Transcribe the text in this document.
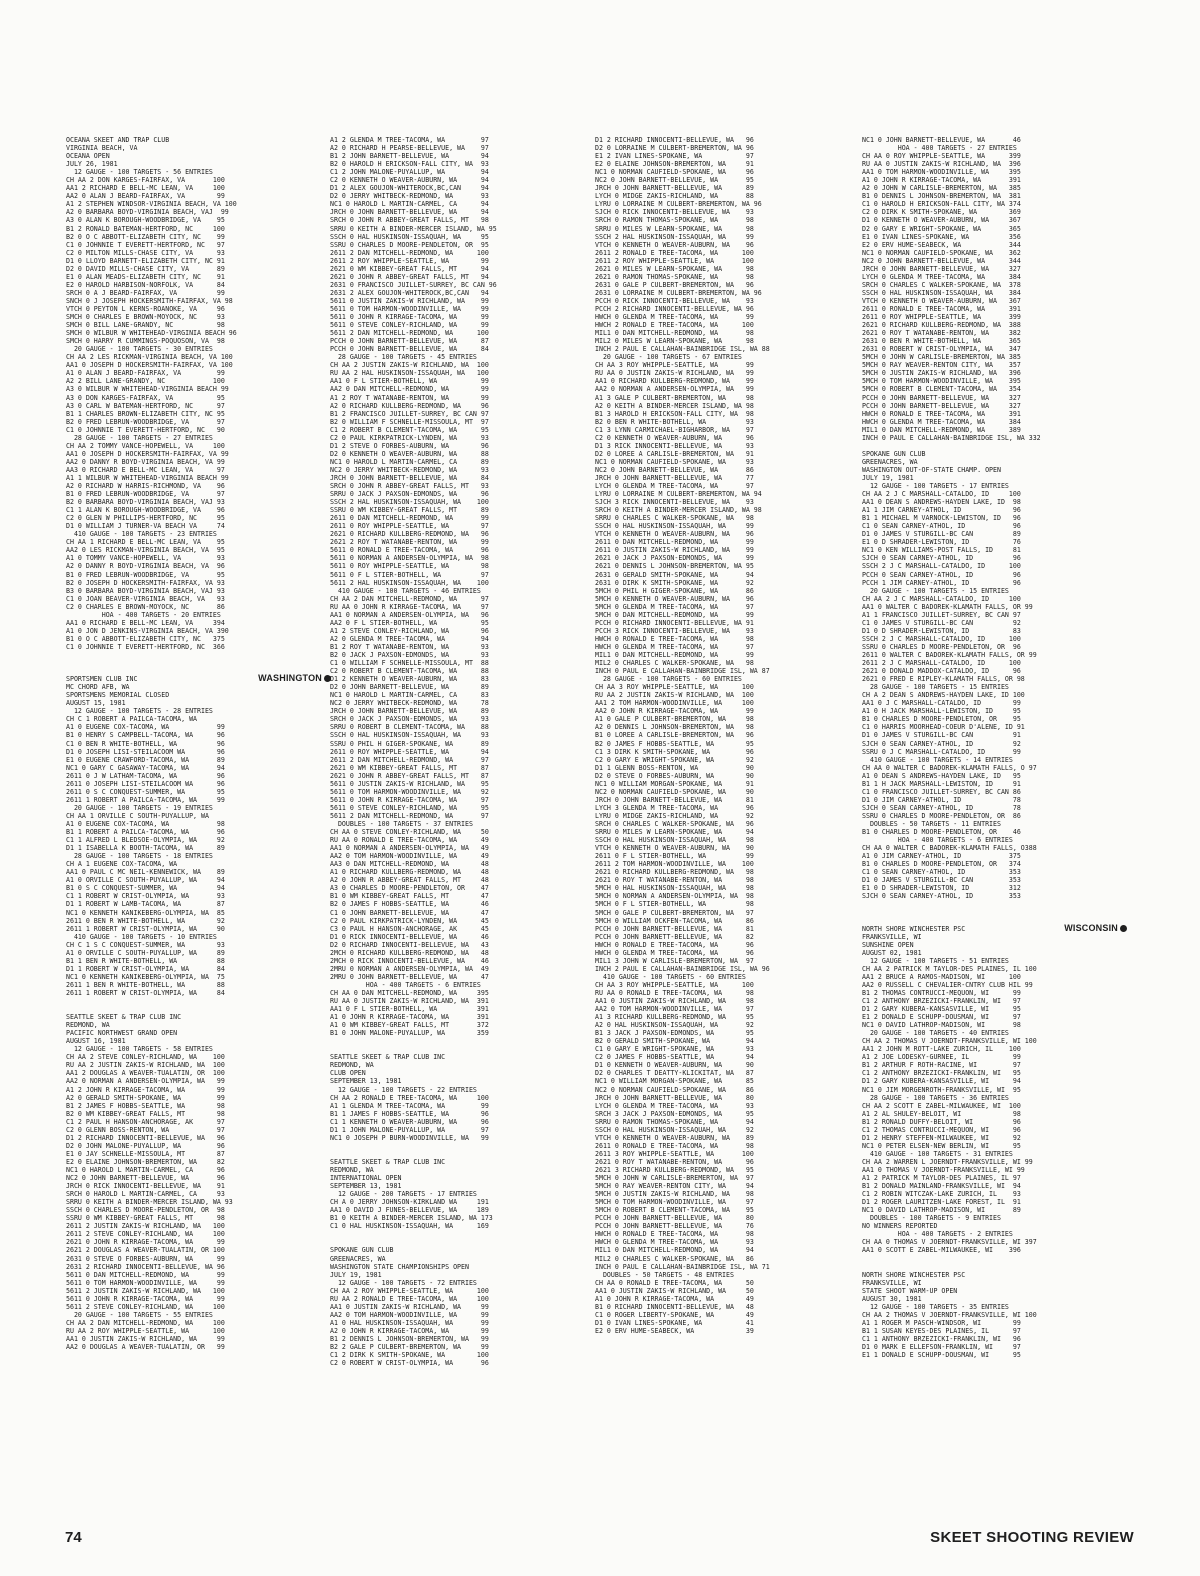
OCEANA SKEET AND TRAP CLUB
VIRGINIA BEACH, VA
OCEANA OPEN
JULY 26, 1981
12 GAUGE - 100 TARGETS - 56 ENTRIES
CH AA 2 DON KARGES-FAIRFAX, VA       100
AA1 2 RICHARD E BELL-MC LEAN, VA     100
AA2 0 ALAN J BEARD-FAIRFAX, VA        99
A1 2 STEPHEN WINDSOR-VIRGINIA BEACH, VA 100
A2 0 BARBARA BOYD-VIRGINIA BEACH, VAJ  99
A3 0 ALAN K BOROUGH-WOODBRIDGE, VA    95
B1 2 RONALD BATEMAN-HERTFORD, NC     100
B2 0 O C ABBOTT-ELIZABETH CITY, NC    99
C1 0 JOHNNIE T EVERETT-HERTFORD, NC   97
C2 0 MILTON MILLS-CHASE CITY, VA      93
D1 0 LLOYD BARNETT-ELIZABETH CITY, NC 91
D2 0 DAVID MILLS-CHASE CITY, VA       89
E1 0 ALAN MEADS-ELIZABETH CITY, NC    91
E2 0 HAROLD HARBISON-NORFOLK, VA      84
SRCH 0 A J BEARD-FAIRFAX, VA          99
SNCH 0 J JOSEPH HOCKERSMITH-FAIRFAX, VA 98
VTCH 0 PEYTON L KERNS-ROANOKE, VA     96
SMCH 0 CHARLES E BROWN-MOYOCK, NC     93
SMCH 0 BILL LANE-GRANDY, NC           98
SMCH 0 WILBUR W WHITEHEAD-VIRGINIA BEACH 96
SMCH 0 HARRY R CUMMINGS-POQUOSON, VA  98
20 GAUGE - 100 TARGETS - 30 ENTRIES
CH AA 2 LES RICKMAN-VIRGINIA BEACH, VA 100
AA1 0 JOSEPH D HOCKERSMITH-FAIRFAX, VA 100
A1 0 ALAN J BEARD-FAIRFAX, VA         99
A2 2 BILL LANE-GRANDY, NC            100
A3 0 WILBUR W WHITEHEAD-VIRGINIA BEACH 99
A3 0 DON KARGES-FAIRFAX, VA           95
A3 0 CARL W BATEMAN-HERTFORD, NC      97
B1 1 CHARLES BROWN-ELIZABETH CITY, NC 95
B2 0 FRED LEBRUN-WOODBRIDGE, VA       97
C1 0 JOHNNIE T EVERETT-HERTFORD, NC   90
28 GAUGE - 100 TARGETS - 27 ENTRIES
CH AA 2 TOMMY VANCE-HOPEWELL, VA     100
AA1 0 JOSEPH D HOCKERSMITH-FAIRFAX, VA 99
AA2 0 DANNY R BOYD-VIRGINIA BEACH, VA 99
AA3 0 RICHARD E BELL-MC LEAN, VA      97
A1 1 WILBUR W WHITEHEAD-VIRGINIA BEACH 99
A2 0 RICHARD W HARRIS-RICHMOND, VA    96
B1 0 FRED LEBRUN-WOODBRIDGE, VA       97
B2 0 BARBARA BOYD-VIRGINIA BEACH, VAJ 93
C1 1 ALAN K BOROUGH-WOODBRIDGE, VA    96
C2 0 GLEN W PHILLIPS-HERTFORD, NC     95
D1 0 WILLIAM J TURNER-VA BEACH VA     74
410 GAUGE - 100 TARGETS - 23 ENTRIES
CH AA 1 RICHARD E BELL-MC LEAN, VA    95
AA2 0 LES RICKMAN-VIRGINIA BEACH, VA  95
A1 0 TOMMY VANCE-HOPEWELL, VA         93
A2 0 DANNY R BOYD-VIRGINIA BEACH, VA  96
B1 0 FRED LEBRUN-WOODBRIDGE, VA       95
B2 0 JOSEPH D HOCKERSMITH-FAIRFAX, VA 93
B3 0 BARBARA BOYD-VIRGINIA BEACH, VAJ 93
C1 0 JOAN BEAVER-VIRGINIA BEACH, VA   93
C2 0 CHARLES E BROWN-MOYOCK, NC       86
HOA - 400 TARGETS - 20 ENTRIES
AA1 0 RICHARD E BELL-MC LEAN, VA     394
A1 0 JON D JENKINS-VIRGINIA BEACH, VA 390
B1 0 O C ABBOTT-ELIZABETH CITY, NC   375
C1 0 JOHNNIE T EVERETT-HERTFORD, NC  366
SPORTSMEN CLUB INC	WASHINGTON
MC CHORD AFB, WA
SPORTSMENS MEMORIAL CLOSED
AUGUST 15, 1981
12 GAUGE - 100 TARGETS - 28 ENTRIES
CH C 1 ROBERT A PAILCA-TACOMA, WA
A1 0 EUGENE COX-TACOMA, WA            99
B1 0 HENRY S CAMPBELL-TACOMA, WA      96
C1 0 BEN R WHITE-BOTHELL, WA          96
D1 0 JOSEPH LISI-STEILACOOM WA        96
E1 0 EUGENE CRAWFORD-TACOMA, WA       89
NC1 0 GARY C GASAWAY-TACOMA, WA       94
2611 0 J W LATHAM-TACOMA, WA          96
2611 0 JOSEPH LISI-STEILACOOM WA      96
2611 0 S C CONQUEST-SUMMER, WA        95
2611 1 ROBERT A PAILCA-TACOMA, WA     99
20 GAUGE - 100 TARGETS - 19 ENTRIES
CH AA 1 ORVILLE C SOUTH-PUYALLUP, WA
A1 0 EUGENE COX-TACOMA, WA            98
B1 1 ROBERT A PAILCA-TACOMA, WA       96
C1 1 ALFRED L BLEDSOE-OLYMPIA, WA     92
D1 1 ISABELLA K BOOTH-TACOMA, WA      89
28 GAUGE - 100 TARGETS - 18 ENTRIES
CH A 1 EUGENE COX-TACOMA, WA
AA1 0 PAUL C MC NEIL-KENNEWICK, WA    89
A1 0 ORVILLE C SOUTH-PUYALLUP, WA     94
B1 0 S C CONQUEST-SUMMER, WA          94
C1 1 ROBERT W CRIST-OLYMPIA, WA       93
D1 1 ROBERT W LAMB-TACOMA, WA         87
NC1 0 KENNETH KANIKEBERG-OLYMPIA, WA  85
2611 0 BEN R WHITE-BOTHELL, WA        92
2611 1 ROBERT W CRIST-OLYMPIA, WA     90
410 GAUGE - 100 TARGETS - 10 ENTRIES
CH C 1 S C CONQUEST-SUMMER, WA        93
A1 0 ORVILLE C SOUTH-PUYALLUP, WA     89
B1 1 BEN R WHITE-BOTHELL, WA          88
D1 1 ROBERT W CRIST-OLYMPIA, WA       84
NC1 0 KENNETH KANIKEBERG-OLYMPIA, WA  75
2611 1 BEN R WHITE-BOTHELL, WA        88
2611 1 ROBERT W CRIST-OLYMPIA, WA     84
SEATTLE SKEET & TRAP CLUB INC
REDMOND, WA
PACIFIC NORTHWEST GRAND OPEN
AUGUST 16, 1981
12 GAUGE - 100 TARGETS - 58 ENTRIES
CH AA 2 STEVE CONLEY-RICHLAND, WA    100
RU AA 2 JUSTIN ZAKIS-W RICHLAND, WA  100
AA1 2 DOUGLAS A WEAVER-TUALATIN, OR  100
AA2 0 NORMAN A ANDERSEN-OLYMPIA, WA   99
A1 2 JOHN R KIRRAGE-TACOMA, WA        99
A2 0 GERALD SMITH-SPOKANE, WA         99
B1 2 JAMES F HOBBS-SEATTLE, WA        98
B2 0 WM KIBBEY-GREAT FALLS, MT        98
C1 2 PAUL H HANSON-ANCHORAGE, AK      97
C2 0 GLENN BOSS-RENTON, WA            97
D1 2 RICHARD INNOCENTI-BELLEVUE, WA   96
D2 0 JOHN MALONE-PUYALLUP, WA         96
E1 0 JAY SCHNELLE-MISSOULA, MT        87
E2 0 ELAINE JOHNSON-BREMERTON, WA     82
NC1 0 HAROLD L MARTIN-CARMEL, CA      96
NC2 0 JOHN BARNETT-BELLEVUE, WA       96
JRCH 0 RICK INNOCENTI-BELLEVUE, WA    91
SRCH 0 HAROLD L MARTIN-CARMEL, CA     93
SRRU 0 KEITH A BINDER-MERCER ISLAND, WA 93
SSCH 0 CHARLES D MOORE-PENDLETON, OR  98
SSRU 0 WM KIBBEY-GREAT FALLS, MT      98
2611 2 JUSTIN ZAKIS-W RICHLAND, WA   100
2611 2 STEVE CONLEY-RICHLAND, WA     100
2621 0 JOHN R KIRRAGE-TACOMA, WA      99
2621 2 DOUGLAS A WEAVER-TUALATIN, OR 100
2631 0 STEVE O FORBES-AUBURN, WA      99
2631 2 RICHARD INNOCENTI-BELLEVUE, WA 96
5611 0 DAN MITCHELL-REDMOND, WA       99
5611 0 TOM HARMON-WOODINVILLE, WA     99
5611 2 JUSTIN ZAKIS-W RICHLAND, WA   100
5611 0 JOHN R KIRRAGE-TACOMA, WA      99
5611 2 STEVE CONLEY-RICHLAND, WA     100
20 GAUGE - 100 TARGETS - 55 ENTRIES
CH AA 2 DAN MITCHELL-REDMOND, WA     100
RU AA 2 ROY WHIPPLE-SEATTLE, WA      100
AA1 0 JUSTIN ZAKIS-W RICHLAND, WA     99
AA2 0 DOUGLAS A WEAVER-TUALATIN, OR   99
A1 2 GLENDA M TREE-TACOMA, WA         97
A2 0 RICHARD H PEARSE-BELLEVUE, WA    97
B1 2 JOHN BARNETT-BELLEVUE, WA        94
B2 0 HAROLD H ERICKSON-FALL CITY, WA  93
C1 2 JOHN MALONE-PUYALLUP, WA         94
C2 0 KENNETH O WEAVER-AUBURN, WA      94
D1 2 ALEX GOUJON-WHITEROCK,BC,CAN     94
D2 0 JERRY WHITBECK-REDMOND, WA       93
NC1 0 HAROLD L MARTIN-CARMEL, CA      94
JRCH 0 JOHN BARNETT-BELLEVUE, WA      94
SRCH 0 JOHN R ABBEY-GREAT FALLS, MT   98
SRRU 0 KEITH A BINDER-MERCER ISLAND, WA 95
SSCH 0 HAL HUSKINSON-ISSAQUAH, WA     95
SSRU 0 CHARLES D MOORE-PENDLETON, OR  95
2611 2 DAN MITCHELL-REDMOND, WA      100
2611 2 ROY WHIPPLE-SEATTLE, WA        99
2621 0 WM KIBBEY-GREAT FALLS, MT      94
2621 0 JOHN R ABBEY-GREAT FALLS, MT   94
2631 0 FRANCISCO JUILLET-SURREY, BC CAN 96
2631 2 ALEX GOUJON-WHITEROCK,BC,CAN   94
5611 0 JUSTIN ZAKIS-W RICHLAND, WA    99
5611 0 TOM HARMON-WOODINVILLE, WA     99
5611 0 JOHN R KIRRAGE-TACOMA, WA      99
5611 0 STEVE CONLEY-RICHLAND, WA      99
5611 2 DAN MITCHELL-REDMOND, WA      100
PCCH 0 JOHN BARNETT-BELLEVUE, WA      87
PCCH 0 JOHN BARNETT-BELLEVUE, WA      84
28 GAUGE - 100 TARGETS - 45 ENTRIES
CH AA 2 JUSTIN ZAKIS-W RICHLAND, WA  100
RU AA 2 HAL HUSKINSON-ISSAQUAH, WA   100
AA1 0 F L STIER-BOTHELL, WA           99
AA2 0 DAN MITCHELL-REDMOND, WA        99
A1 2 ROY T WATANABE-RENTON, WA        99
A2 0 RICHARD KULLBERG-REDMOND, WA     96
B1 2 FRANCISCO JUILLET-SURREY, BC CAN 97
B2 0 WILLIAM F SCHNELLE-MISSOULA, MT  97
C1 2 ROBERT B CLEMENT-TACOMA, WA      95
C2 0 PAUL KIRKPATRICK-LYNDEN, WA      93
D1 2 STEVE O FORBES-AUBURN, WA        96
D2 0 KENNETH O WEAVER-AUBURN, WA      88
NC1 0 HAROLD L MARTIN-CARMEL, CA      89
NC2 0 JERRY WHITBECK-REDMOND, WA      93
JRCH 0 JOHN BARNETT-BELLEVUE, WA      84
SRCH 0 JOHN R ABBEY-GREAT FALLS, MT   93
SRRU 0 JACK J PAXSON-EDMONDS, WA      96
SSCH 2 HAL HUSKINSON-ISSAQUAH, WA    100
SSRU 0 WM KIBBEY-GREAT FALLS, MT      89
2611 0 DAN MITCHELL-REDMOND, WA       99
2611 0 ROY WHIPPLE-SEATTLE, WA        97
2621 0 RICHARD KULLBERG-REDMOND, WA   96
2621 2 ROY T WATANABE-RENTON, WA      99
5611 0 RONALD E TREE-TACOMA, WA       96
5611 0 NORMAN A ANDERSEN-OLYMPIA, WA  98
5611 0 ROY WHIPPLE-SEATTLE, WA        98
5611 0 F L STIER-BOTHELL, WA          97
5611 2 HAL HUSKINSON-ISSAQUAH, WA    100
410 GAUGE - 100 TARGETS - 46 ENTRIES
CH AA 2 DAN MITCHELL-REDMOND, WA      97
RU AA 0 JOHN R KIRRAGE-TACOMA, WA     97
AA1 0 NORMAN A ANDERSEN-OLYMPIA, WA   96
AA2 0 F L STIER-BOTHELL, WA           95
A1 2 STEVE CONLEY-RICHLAND, WA        96
A2 0 GLENDA M TREE-TACOMA, WA         94
B1 2 ROY T WATANABE-RENTON, WA        93
B2 0 JACK J PAXSON-EDMONDS, WA        93
C1 0 WILLIAM F SCHNELLE-MISSOULA, MT  88
C2 0 ROBERT B CLEMENT-TACOMA, WA      88
D1 2 KENNETH O WEAVER-AUBURN, WA      83
D2 0 JOHN BARNETT-BELLEVUE, WA        89
NC1 0 HAROLD L MARTIN-CARMEL, CA      83
NC2 0 JERRY WHITBECK-REDMOND, WA      78
JRCH 0 JOHN BARNETT-BELLEVUE, WA      89
SRCH 0 JACK J PAXSON-EDMONDS, WA      93
SRRU 0 ROBERT B CLEMENT-TACOMA, WA    88
SSCH 0 HAL HUSKINSON-ISSAQUAH, WA     93
SSRU 0 PHIL H GIGER-SPOKANE, WA       89
2611 0 ROY WHIPPLE-SEATTLE, WA        94
2611 2 DAN MITCHELL-REDMOND, WA       97
2621 0 WM KIBBEY-GREAT FALLS, MT      87
2621 0 JOHN R ABBEY-GREAT FALLS, MT   87
5611 0 JUSTIN ZAKIS-W RICHLAND, WA    95
5611 0 TOM HARMON-WOODINVILLE, WA     92
5611 0 JOHN R KIRRAGE-TACOMA, WA      97
5611 0 STEVE CONLEY-RICHLAND, WA      95
5611 2 DAN MITCHELL-REDMOND, WA       97
DOUBLES - 100 TARGETS - 37 ENTRIES
CH AA 0 STEVE CONLEY-RICHLAND, WA     50
RU AA 0 RONALD E TREE-TACOMA, WA      49
AA1 0 NORMAN A ANDERSEN-OLYMPIA, WA   49
AA2 0 TOM HARMON-WOODINVILLE, WA      49
AA3 0 DAN MITCHELL-REDMOND, WA        48
A1 0 RICHARD KULLBERG-REDMOND, WA     48
A2 0 JOHN R ABBEY-GREAT FALLS, MT     48
A3 0 CHARLES D MOORE-PENDLETON, OR    47
B1 0 WM KIBBEY-GREAT FALLS, MT        47
B2 0 JAMES F HOBBS-SEATTLE, WA        46
C1 0 JOHN BARNETT-BELLEVUE, WA        47
C2 0 PAUL KIRKPATRICK-LYNDEN, WA      45
C3 0 PAUL H HANSON-ANCHORAGE, AK      45
D1 0 RICK INNOCENTI-BELLEVUE, WA      46
D2 0 RICHARD INNOCENTI-BELLEVUE, WA   43
2MCH 0 RICHARD KULLBERG-REDMOND, WA   48
2MCH 0 RICK INNOCENTI-BELLEVUE, WA    46
2MRU 0 NORMAN A ANDERSEN-OLYMPIA, WA  49
2MRU 0 JOHN BARNETT-BELLEVUE, WA      47
HOA - 400 TARGETS - 6 ENTRIES
CH AA 0 DAN MITCHELL-REDMOND, WA     395
RU AA 0 JUSTIN ZAKIS-W RICHLAND, WA  391
AA1 0 F L STIER-BOTHELL, WA          391
A1 0 JOHN R KIRRAGE-TACOMA, WA       391
A1 0 WM KIBBEY-GREAT FALLS, MT       372
B1 0 JOHN MALONE-PUYALLUP, WA        359
SEATTLE SKEET & TRAP CLUB INC
REDMOND, WA
CLUB OPEN
SEPTEMBER 13, 1981
12 GAUGE - 100 TARGETS - 22 ENTRIES
CH AA 2 RONALD E TREE-TACOMA, WA     100
A1 1 GLENDA M TREE-TACOMA, WA         99
B1 1 JAMES F HOBBS-SEATTLE, WA        96
C1 1 KENNETH O WEAVER-AUBURN, WA      96
D1 1 JOHN MALONE-PUYALLUP, WA         97
NC1 0 JOSEPH P BURN-WOODINVILLE, WA   99
SEATTLE SKEET & TRAP CLUB INC
REDMOND, WA
INTERNATIONAL OPEN
SEPTEMBER 13, 1981
12 GAUGE - 200 TARGETS - 17 ENTRIES
CH A 0 JERRY JOHNSON-KIRKLAND WA     191
AA1 0 DAVID J FUNES-BELLEVUE, WA     189
B1 0 KEITH A BINDER-MERCER ISLAND, WA 173
C1 0 HAL HUSKINSON-ISSAQUAH, WA      169
SPOKANE GUN CLUB
GREENACRES, WA
WASHINGTON STATE CHAMPIONSHIPS OPEN
JULY 19, 1981
12 GAUGE - 100 TARGETS - 72 ENTRIES
CH AA 2 ROY WHIPPLE-SEATTLE, WA      100
RU AA 2 RONALD E TREE-TACOMA, WA     100
AA1 0 JUSTIN ZAKIS-W RICHLAND, WA     99
AA2 0 TOM HARMON-WOODINVILLE, WA      99
A1 0 HAL HUSKINSON-ISSAQUAH, WA       99
A2 0 JOHN R KIRRAGE-TACOMA, WA        99
B1 2 DENNIS L JOHNSON-BREMERTON, WA   99
B2 2 GALE P CULBERT-BREMERTON, WA     99
C1 2 DIRK K SMITH-SPOKANE, WA        100
C2 0 ROBERT W CRIST-OLYMPIA, WA       96
D1 2 RICHARD INNOCENTI-BELLEVUE, WA   96
D2 0 LORRAINE M CULBERT-BREMERTON, WA 96
E1 2 IVAN LINES-SPOKANE, WA           97
E2 0 ELAINE JOHNSON-BREMERTON, WA     91
NC1 0 NORMAN CAUFIELD-SPOKANE, WA     96
NC2 0 JOHN BARNETT-BELLEVUE, WA       95
JRCH 0 JOHN BARNETT-BELLEVUE, WA      89
LYCH 0 MIDGE ZAKIS-RICHLAND, WA       88
LYRU 0 LORRAINE M CULBERT-BREMERTON, WA 96
SJCH 0 RICK INNOCENTI-BELLEVUE, WA    93
SRCH 0 RAMON THOMAS-SPOKANE, WA       98
SRRU 0 MILES W LEARN-SPOKANE, WA      98
SSCH 2 HAL HUSKINSON-ISSAQUAH, WA     99
VTCH 0 KENNETH O WEAVER-AUBURN, WA    96
2611 2 RONALD E TREE-TACOMA, WA      100
2611 2 ROY WHIPPLE-SEATTLE, WA       100
2621 0 MILES W LEARN-SPOKANE, WA      98
2621 0 RAMON THOMAS-SPOKANE, WA       98
2631 0 GALE P CULBERT-BREMERTON, WA   96
2631 0 LORRAINE M CULBERT-BREMERTON, WA 96
PCCH 0 RICK INNOCENTI-BELLEVUE, WA    93
PCCH 2 RICHARD INNOCENTI-BELLEVUE, WA 96
HWCH 0 GLENDA M TREE-TACOMA, WA       99
HWCH 2 RONALD E TREE-TACOMA, WA      100
MIL1 0 DAN MITCHELL-REDMOND, WA       98
MIL2 0 MILES W LEARN-SPOKANE, WA      98
INCH 2 PAUL E CALLAHAN-BAINBRIDGE ISL, WA 88
20 GAUGE - 100 TARGETS - 67 ENTRIES
CH AA 3 ROY WHIPPLE-SEATTLE, WA       99
RU AA 0 JUSTIN ZAKIS-W RICHLAND, WA   99
AA1 0 RICHARD KULLBERG-REDMOND, WA    99
AA2 0 NORMAN A ANDERSEN-OLYMPIA, WA   99
A1 3 GALE P CULBERT-BREMERTON, WA     98
A2 0 KEITH A BINDER-MERCER ISLAND, WA 98
B1 3 HAROLD H ERICKSON-FALL CITY, WA  98
B2 0 BEN R WHITE-BOTHELL, WA          93
C1 3 LYNN CARMICHAEL-BIGHARBOR, WA    97
C2 0 KENNETH O WEAVER-AUBURN, WA      96
D1 3 RICK INNOCENTI-BELLEVUE, WA      93
D2 0 LOREE A CARLISLE-BREMERTON, WA   91
NC1 0 NORMAN CAUFIELD-SPOKANE, WA     93
NC2 0 JOHN BARNETT-BELLEVUE, WA       86
JRCH 0 JOHN BARNETT-BELLEVUE, WA      77
LYCH 0 GLENDA M TREE-TACOMA, WA       97
LYRU 0 LORRAINE M CULBERT-BREMERTON, WA 94
SJCH 3 RICK INNOCENTI-BELLEVUE, WA    93
SRCH 0 KEITH A BINDER-MERCER ISLAND, WA 98
SRRU 0 CHARLES C WALKER-SPOKANE, WA   98
SSCH 0 HAL HUSKINSON-ISSAQUAH, WA     99
VTCH 0 KENNETH O WEAVER-AUBURN, WA    96
2611 0 DAN MITCHELL-REDMOND, WA       99
2611 0 JUSTIN ZAKIS-W RICHLAND, WA    99
2621 0 JACK J PAXSON-EDMONDS, WA      99
2621 0 DENNIS L JOHNSON-BREMERTON, WA 95
2631 0 GERALD SMITH-SPOKANE, WA       94
2631 0 DIRK K SMITH-SPOKANE, WA       92
5MCH 0 PHIL H GIGER-SPOKANE, WA       86
5MCH 0 KENNETH O WEAVER-AUBURN, WA    96
5MCH 0 GLENDA M TREE-TACOMA, WA       97
5MCH 0 DAN MITCHELL-REDMOND, WA       99
PCCH 0 RICHARD INNOCENTI-BELLEVUE, WA 91
PCCH 3 RICK INNOCENTI-BELLEVUE, WA    93
HWCH 0 RONALD E TREE-TACOMA, WA       98
HWCH 0 GLENDA M TREE-TACOMA, WA       97
MIL1 0 DAN MITCHELL-REDMOND, WA       99
MIL2 0 CHARLES C WALKER-SPOKANE, WA   98
INCH 0 PAUL E CALLAHAN-BAINBRIDGE ISL, WA 87
28 GAUGE - 100 TARGETS - 60 ENTRIES
CH AA 3 ROY WHIPPLE-SEATTLE, WA      100
RU AA 2 JUSTIN ZAKIS-W RICHLAND, WA  100
AA1 2 TOM HARMON-WOODINVILLE, WA     100
AA2 0 JOHN R KIRRAGE-TACOMA, WA       99
A1 0 GALE P CULBERT-BREMERTON, WA     98
A2 0 DENNIS L JOHNSON-BREMERTON, WA   98
B1 0 LOREE A CARLISLE-BREMERTON, WA   96
B2 0 JAMES F HOBBS-SEATTLE, WA        95
C1 3 DIRK K SMITH-SPOKANE, WA         96
C2 0 GARY E WRIGHT-SPOKANE, WA        92
D1 1 GLENN BOSS-RENTON, WA            90
D2 0 STEVE O FORBES-AUBURN, WA        90
NC1 0 WILLIAM MORGAN-SPOKANE, WA      91
NC2 0 NORMAN CAUFIELD-SPOKANE, WA     90
JRCH 0 JOHN BARNETT-BELLEVUE, WA      81
LYCH 3 GLENDA M TREE-TACOMA, WA       96
LYRU 0 MIDGE ZAKIS-RICHLAND, WA       92
SRCH 0 CHARLES C WALKER-SPOKANE, WA   96
SRRU 0 MILES W LEARN-SPOKANE, WA      94
SSCH 0 HAL HUSKINSON-ISSAQUAH, WA     98
VTCH 0 KENNETH O WEAVER-AUBURN, WA    90
2611 0 F L STIER-BOTHELL, WA          99
2611 2 TOM HARMON-WOODINVILLE, WA    100
2621 0 RICHARD KULLBERG-REDMOND, WA   98
2621 0 ROY T WATANABE-RENTON, WA      98
5MCH 0 HAL HUSKINSON-ISSAQUAH, WA     98
5MCH 0 NORMAN A ANDERSEN-OLYMPIA, WA  98
5MCH 0 F L STIER-BOTHELL, WA          98
5MCH 0 GALE P CULBERT-BREMERTON, WA   97
5MCH 0 WILLIAM OCKFEN-TACOMA, WA      86
PCCH 0 JOHN BARNETT-BELLEVUE, WA      81
PCCH 0 JOHN BARNETT-BELLEVUE, WA      82
HWCH 0 RONALD E TREE-TACOMA, WA       96
HWCH 0 GLENDA M TREE-TACOMA, WA       96
MIL1 3 JOHN W CARLISLE-BREMERTON, WA  97
INCH 2 PAUL E CALLAHAN-BAINBRIDGE ISL, WA 96
410 GAUGE - 100 TARGETS - 60 ENTRIES
CH AA 3 ROY WHIPPLE-SEATTLE, WA      100
RU AA 0 RONALD E TREE-TACOMA, WA      98
AA1 0 JUSTIN ZAKIS-W RICHLAND, WA     98
AA2 0 TOM HARMON-WOODINVILLE, WA      97
A1 3 RICHARD KULLBERG-REDMOND, WA     95
A2 0 HAL HUSKINSON-ISSAQUAH, WA       92
B1 3 JACK J PAXSON-EDMONDS, WA        95
B2 0 GERALD SMITH-SPOKANE, WA         94
C1 0 GARY E WRIGHT-SPOKANE, WA        93
C2 0 JAMES F HOBBS-SEATTLE, WA        94
D1 0 KENNETH O WEAVER-AUBURN, WA      90
D2 0 CHARLES T DEATTY-KLICKITAT, WA   87
NC1 0 WILLIAM MORGAN-SPOKANE, WA      85
NC2 0 NORMAN CAUFIELD-SPOKANE, WA     86
JRCH 0 JOHN BARNETT-BELLEVUE, WA      80
LYCH 0 GLENDA M TREE-TACOMA, WA       93
SRCH 3 JACK J PAXSON-EDMONDS, WA      95
SRRU 0 RAMON THOMAS-SPOKANE, WA       94
SSCH 0 HAL HUSKINSON-ISSAQUAH, WA     92
VTCH 0 KENNETH O WEAVER-AUBURN, WA    89
2611 0 RONALD E TREE-TACOMA, WA       98
2611 3 ROY WHIPPLE-SEATTLE, WA       100
2621 0 ROY T WATANABE-RENTON, WA      96
2621 3 RICHARD KULLBERG-REDMOND, WA   95
5MCH 0 JOHN W CARLISLE-BREMERTON, WA  97
5MCH 0 RAY WEAVER-RENTON CITY, WA     94
5MCH 0 JUSTIN ZAKIS-W RICHLAND, WA    98
5MCH 0 TOM HARMON-WOODINVILLE, WA     97
5MCH 0 ROBERT B CLEMENT-TACOMA, WA    95
PCCH 0 JOHN BARNETT-BELLEVUE, WA      80
PCCH 0 JOHN BARNETT-BELLEVUE, WA      76
HWCH 0 RONALD E TREE-TACOMA, WA       98
HWCH 0 GLENDA M TREE-TACOMA, WA       93
MIL1 0 DAN MITCHELL-REDMOND, WA       94
MIL2 0 CHARLES C WALKER-SPOKANE, WA   86
INCH 0 PAUL E CALLAHAN-BAINBRIDGE ISL, WA 71
DOUBLES - 50 TARGETS - 48 ENTRIES
CH AA 0 RONALD E TREE-TACOMA, WA      50
AA1 0 JUSTIN ZAKIS-W RICHLAND, WA     50
A1 0 JOHN R KIRRAGE-TACOMA, WA        49
B1 0 RICHARD INNOCENTI-BELLEVUE, WA   48
C1 0 ROGER LIBERTY-SPOKANE, WA        49
D1 0 IVAN LINES-SPOKANE, WA           41
E2 0 ERV HUME-SEABECK, WA             39
NC1 0 JOHN BARNETT-BELLEVUE, WA       46
HOA - 400 TARGETS - 27 ENTRIES
CH AA 0 ROY WHIPPLE-SEATTLE, WA      399
RU AA 0 JUSTIN ZAKIS-W RICHLAND, WA  396
AA1 0 TOM HARMON-WOODINVILLE, WA     395
A1 0 JOHN R KIRRAGE-TACOMA, WA       391
A2 0 JOHN W CARLISLE-BREMERTON, WA   385
B1 0 DENNIS L JOHNSON-BREMERTON, WA  381
C1 0 HAROLD H ERICKSON-FALL CITY, WA 374
C2 0 DIRK K SMITH-SPOKANE, WA        369
D1 0 KENNETH O WEAVER-AUBURN, WA     367
D2 0 GARY E WRIGHT-SPOKANE, WA       365
E1 0 IVAN LINES-SPOKANE, WA          356
E2 0 ERV HUME-SEABECK, WA            344
NC1 0 NORMAN CAUFIELD-SPOKANE, WA    362
NC2 0 JOHN BARNETT-BELLEVUE, WA      344
JRCH 0 JOHN BARNETT-BELLEVUE, WA     327
LYCH 0 GLENDA M TREE-TACOMA, WA      384
SRCH 0 CHARLES C WALKER-SPOKANE, WA  378
SSCH 0 HAL HUSKINSON-ISSAQUAH, WA    384
VTCH 0 KENNETH O WEAVER-AUBURN, WA   367
2611 0 RONALD E TREE-TACOMA, WA      391
2611 0 ROY WHIPPLE-SEATTLE, WA       399
2621 0 RICHARD KULLBERG-REDMOND, WA  388
2621 0 ROY T WATANABE-RENTON, WA     382
2631 0 BEN R WHITE-BOTHELL, WA       365
2631 0 ROBERT W CRIST-OLYMPIA, WA    347
5MCH 0 JOHN W CARLISLE-BREMERTON, WA 385
5MCH 0 RAY WEAVER-RENTON CITY, WA    357
5MCH 0 JUSTIN ZAKIS-W RICHLAND, WA   396
5MCH 0 TOM HARMON-WOODINVILLE, WA    395
5MCH 0 ROBERT B CLEMENT-TACOMA, WA   354
PCCH 0 JOHN BARNETT-BELLEVUE, WA     327
PCCH 0 JOHN BARNETT-BELLEVUE, WA     327
HWCH 0 RONALD E TREE-TACOMA, WA      391
HWCH 0 GLENDA M TREE-TACOMA, WA      384
MIL1 0 DAN MITCHELL-REDMOND, WA      389
INCH 0 PAUL E CALLAHAN-BAINBRIDGE ISL, WA 332
SPOKANE GUN CLUB
GREENACRES, WA
WASHINGTON OUT-OF-STATE CHAMP. OPEN
JULY 19, 1981
12 GAUGE - 100 TARGETS - 17 ENTRIES
CH AA 2 J C MARSHALL-CATALDO, ID     100
AA1 0 DEAN S ANDREWS-HAYDEN LAKE, ID  98
A1 1 JIM CARNEY-ATHOL, ID             96
B1 1 MICHAEL M VARNOCK-LEWISTON, ID   96
C1 0 SEAN CARNEY-ATHOL, ID            96
D1 0 JAMES V STURGILL-BC CAN          89
E1 0 D SHRADER-LEWISTON, ID           76
NC1 0 KEN WILLIAMS-POST FALLS, ID     81
SJCH 0 SEAN CARNEY-ATHOL, ID          96
SSCH 2 J C MARSHALL-CATALDO, ID      100
PCCH 0 SEAN CARNEY-ATHOL, ID          96
PCCH 1 JIM CARNEY-ATHOL, ID           96
20 GAUGE - 100 TARGETS - 15 ENTRIES
CH AA 2 J C MARSHALL-CATALDO, ID     100
AA1 0 WALTER C BADOREK-KLAMATH FALLS, OR 99
A1 1 FRANCISCO JUILLET-SURREY, BC CAN 97
C1 0 JAMES V STURGILL-BC CAN          92
D1 0 D SHRADER-LEWISTON, ID           83
SSCH 2 J C MARSHALL-CATALDO, ID      100
SSRU 0 CHARLES D MOORE-PENDLETON, OR  96
2611 0 WALTER C BADOREK-KLAMATH FALLS, OR 99
2611 2 J C MARSHALL-CATALDO, ID      100
2621 0 DONALD MADDOX-CATALDO, ID      96
2621 0 FRED E RIPLEY-KLAMATH FALLS, OR 98
28 GAUGE - 100 TARGETS - 15 ENTRIES
CH A 2 DEAN S ANDREWS-HAYDEN LAKE, ID 100
AA1 0 J C MARSHALL-CATALDO, ID        99
A1 0 H JACK MARSHALL-LEWISTON, ID     95
B1 0 CHARLES D MOORE-PENDLETON, OR    95
C1 0 HARRIS MOORHEAD-COEUR D'ALENE, ID 91
D1 0 JAMES V STURGILL-BC CAN          91
SJCH 0 SEAN CARNEY-ATHOL, ID          92
SSRU 0 J C MARSHALL-CATALDO, ID       99
410 GAUGE - 100 TARGETS - 14 ENTRIES
CH AA 0 WALTER C BADOREK-KLAMATH FALLS, O 97
A1 0 DEAN S ANDREWS-HAYDEN LAKE, ID   95
B1 1 H JACK MARSHALL-LEWISTON, ID     91
C1 0 FRANCISCO JUILLET-SURREY, BC CAN 86
D1 0 JIM CARNEY-ATHOL, ID             78
SJCH 0 SEAN CARNEY-ATHOL, ID          78
SSRU 0 CHARLES D MOORE-PENDLETON, OR  86
DOUBLES - 50 TARGETS - 11 ENTRIES
B1 0 CHARLES D MOORE-PENDLETON, OR    46
HOA - 400 TARGETS - 6 ENTRIES
CH AA 0 WALTER C BADOREK-KLAMATH FALLS, O388
A1 0 JIM CARNEY-ATHOL, ID            375
B1 0 CHARLES D MOORE-PENDLETON, OR   374
C1 0 SEAN CARNEY-ATHOL, ID           353
D1 0 JAMES V STURGILL-BC CAN         353
E1 0 D SHRADER-LEWISTON, ID          312
SJCH 0 SEAN CARNEY-ATHOL, ID         353
NORTH SHORE WINCHESTER PSC	WISCONSIN
FRANKSVILLE, WI
SUNSHINE OPEN
AUGUST 02, 1981
12 GAUGE - 100 TARGETS - 51 ENTRIES
CH AA 2 PATRICK M TAYLOR-DES PLAINES, IL 100
AA1 2 BRUCE A RAMOS-MADISON, WI      100
AA2 0 RUSSELL C CHEVALIER-CNTRY CLUB HIL 99
B1 2 THOMAS CONTRUCCI-MEQUON, WI      99
C1 2 ANTHONY BRZEZICKI-FRANKLIN, WI   97
D1 2 GARY KUBERA-KANSASVILLE, WI      95
E1 2 DONALD E SCHUPP-DOUSMAN, WI      97
NC1 0 DAVID LATHROP-MADISON, WI       98
20 GAUGE - 100 TARGETS - 40 ENTRIES
CH AA 2 THOMAS V JOERNDT-FRANKSVILLE, WI 100
AA1 2 JOHN M ROTT-LAKE ZURICH, IL    100
A1 2 JOE LODESKY-GURNEE, IL           99
B1 2 ARTHUR F ROTH-RACINE, WI         97
C1 2 ANTHONY BRZEZICKI-FRANKLIN, WI   95
D1 2 GARY KUBERA-KANSASVILLE, WI      94
NC1 0 JIM MORGENROTH-FRANKSVILLE, WI  95
28 GAUGE - 100 TARGETS - 36 ENTRIES
CH AA 2 SCOTT E ZABEL-MILWAUKEE, WI  100
A1 2 AL SHULEY-BELOIT, WI             98
B1 2 RONALD DUFFY-BELOIT, WI          96
C1 2 THOMAS CONTRUCCI-MEQUON, WI      96
D1 2 HENRY STEFFEN-MILWAUKEE, WI      92
NC1 0 PETER ELSEN-NEW BERLIN, WI      95
410 GAUGE - 100 TARGETS - 31 ENTRIES
CH AA 2 WARREN L JOERNDT-FRANKSVILLE, WI 99
AA1 0 THOMAS V JOERNDT-FRANKSVILLE, WI 99
A1 2 PATRICK M TAYLOR-DES PLAINES, IL 97
B1 2 DONALD MAINLAND-FRANKSVILLE, WI  94
C1 2 ROBIN WITCZAK-LAKE ZURICH, IL    93
D1 2 ROGER LAURITZEN-LAKE FOREST, IL  91
NC1 0 DAVID LATHROP-MADISON, WI       89
DOUBLES - 100 TARGETS - 9 ENTRIES
NO WINNERS REPORTED
HOA - 400 TARGETS - 2 ENTRIES
CH AA 0 THOMAS V JOERNDT-FRANKSVILLE, WI 397
AA1 0 SCOTT E ZABEL-MILWAUKEE, WI    396
NORTH SHORE WINCHESTER PSC
FRANKSVILLE, WI
STATE SHOOT WARM-UP OPEN
AUGUST 30, 1981
12 GAUGE - 100 TARGETS - 35 ENTRIES
CH AA 2 THOMAS V JOERNDT-FRANKSVILLE, WI 100
A1 1 ROGER M PASCH-WINDSOR, WI        99
B1 1 SUSAN KEYES-DES PLAINES, IL      97
C1 1 ANTHONY BRZEZICKI-FRANKLIN, WI   96
D1 0 MARK E ELLEFSON-FRANKLIN, WI     97
E1 1 DONALD E SCHUPP-DOUSMAN, WI      95
74	SKEET SHOOTING REVIEW
